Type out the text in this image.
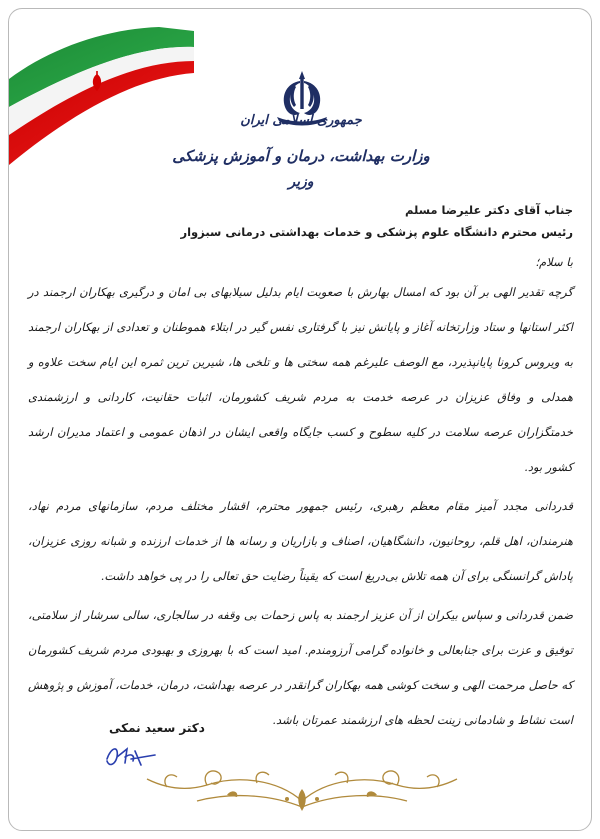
جمهوری اسلامی ایران
وزارت بهداشت، درمان و آموزش پزشکی
وزیر
جناب آقای دکتر علیرضا مسلم
رئیس محترم دانشگاه علوم پزشکی و خدمات بهداشتی درمانی سبزوار

با سلام؛

گرچه تقدیر الهی بر آن بود که امسال بهارش با صعوبت ایام بدلیل سیلابهای بی امان و درگیری بهکاران ارجمند در اکثر استانها و ستاد وزارتخانه آغاز و پایانش نیز با گرفتاری نفس گیر در ابتلاء هموطنان و تعدادی از بهکاران ارجمند به ویروس کرونا پایانپذیرد، مع الوصف علیرغم همه سختی ها و تلخی ها، شیرین ترین ثمره این ایام سخت علاوه و همدلی و وفاق عزیزان در عرصه خدمت به مردم شریف کشورمان، اثبات حقانیت، کاردانی و ارزشمندی خدمتگزاران عرصه سلامت در کلیه سطوح و کسب جایگاه واقعی ایشان در اذهان عمومی و اعتماد مدیران ارشد کشور بود.

قدردانی مجدد آمیز مقام معظم رهبری، رئیس جمهور محترم، اقشار مختلف مردم، سازمانهای مردم نهاد، هنرمندان، اهل قلم، روحانیون، دانشگاهیان، اصناف و بازاریان و رسانه ها از خدمات ارزنده و شبانه روزی عزیزان، پاداش گرانسنگی برای آن همه تلاش بی‌دریغ است که یقیناً رضایت حق تعالی را در پی خواهد داشت.

ضمن قدردانی و سپاس بیکران از آن عزیز ارجمند به پاس زحمات بی وقفه در سالجاری، سالی سرشار از سلامتی، توفیق و عزت برای جنابعالی و خانواده گرامی آرزومندم. امید است که با بهروزی و بهبودی مردم شریف کشورمان که حاصل مرحمت الهی و سخت کوشی همه بهکاران گرانقدر در عرصه بهداشت، درمان، خدمات، آموزش و پژوهش است نشاط و شادمانی زینت لحظه های ارزشمند عمرتان باشد.

دکتر سعید نمکی
